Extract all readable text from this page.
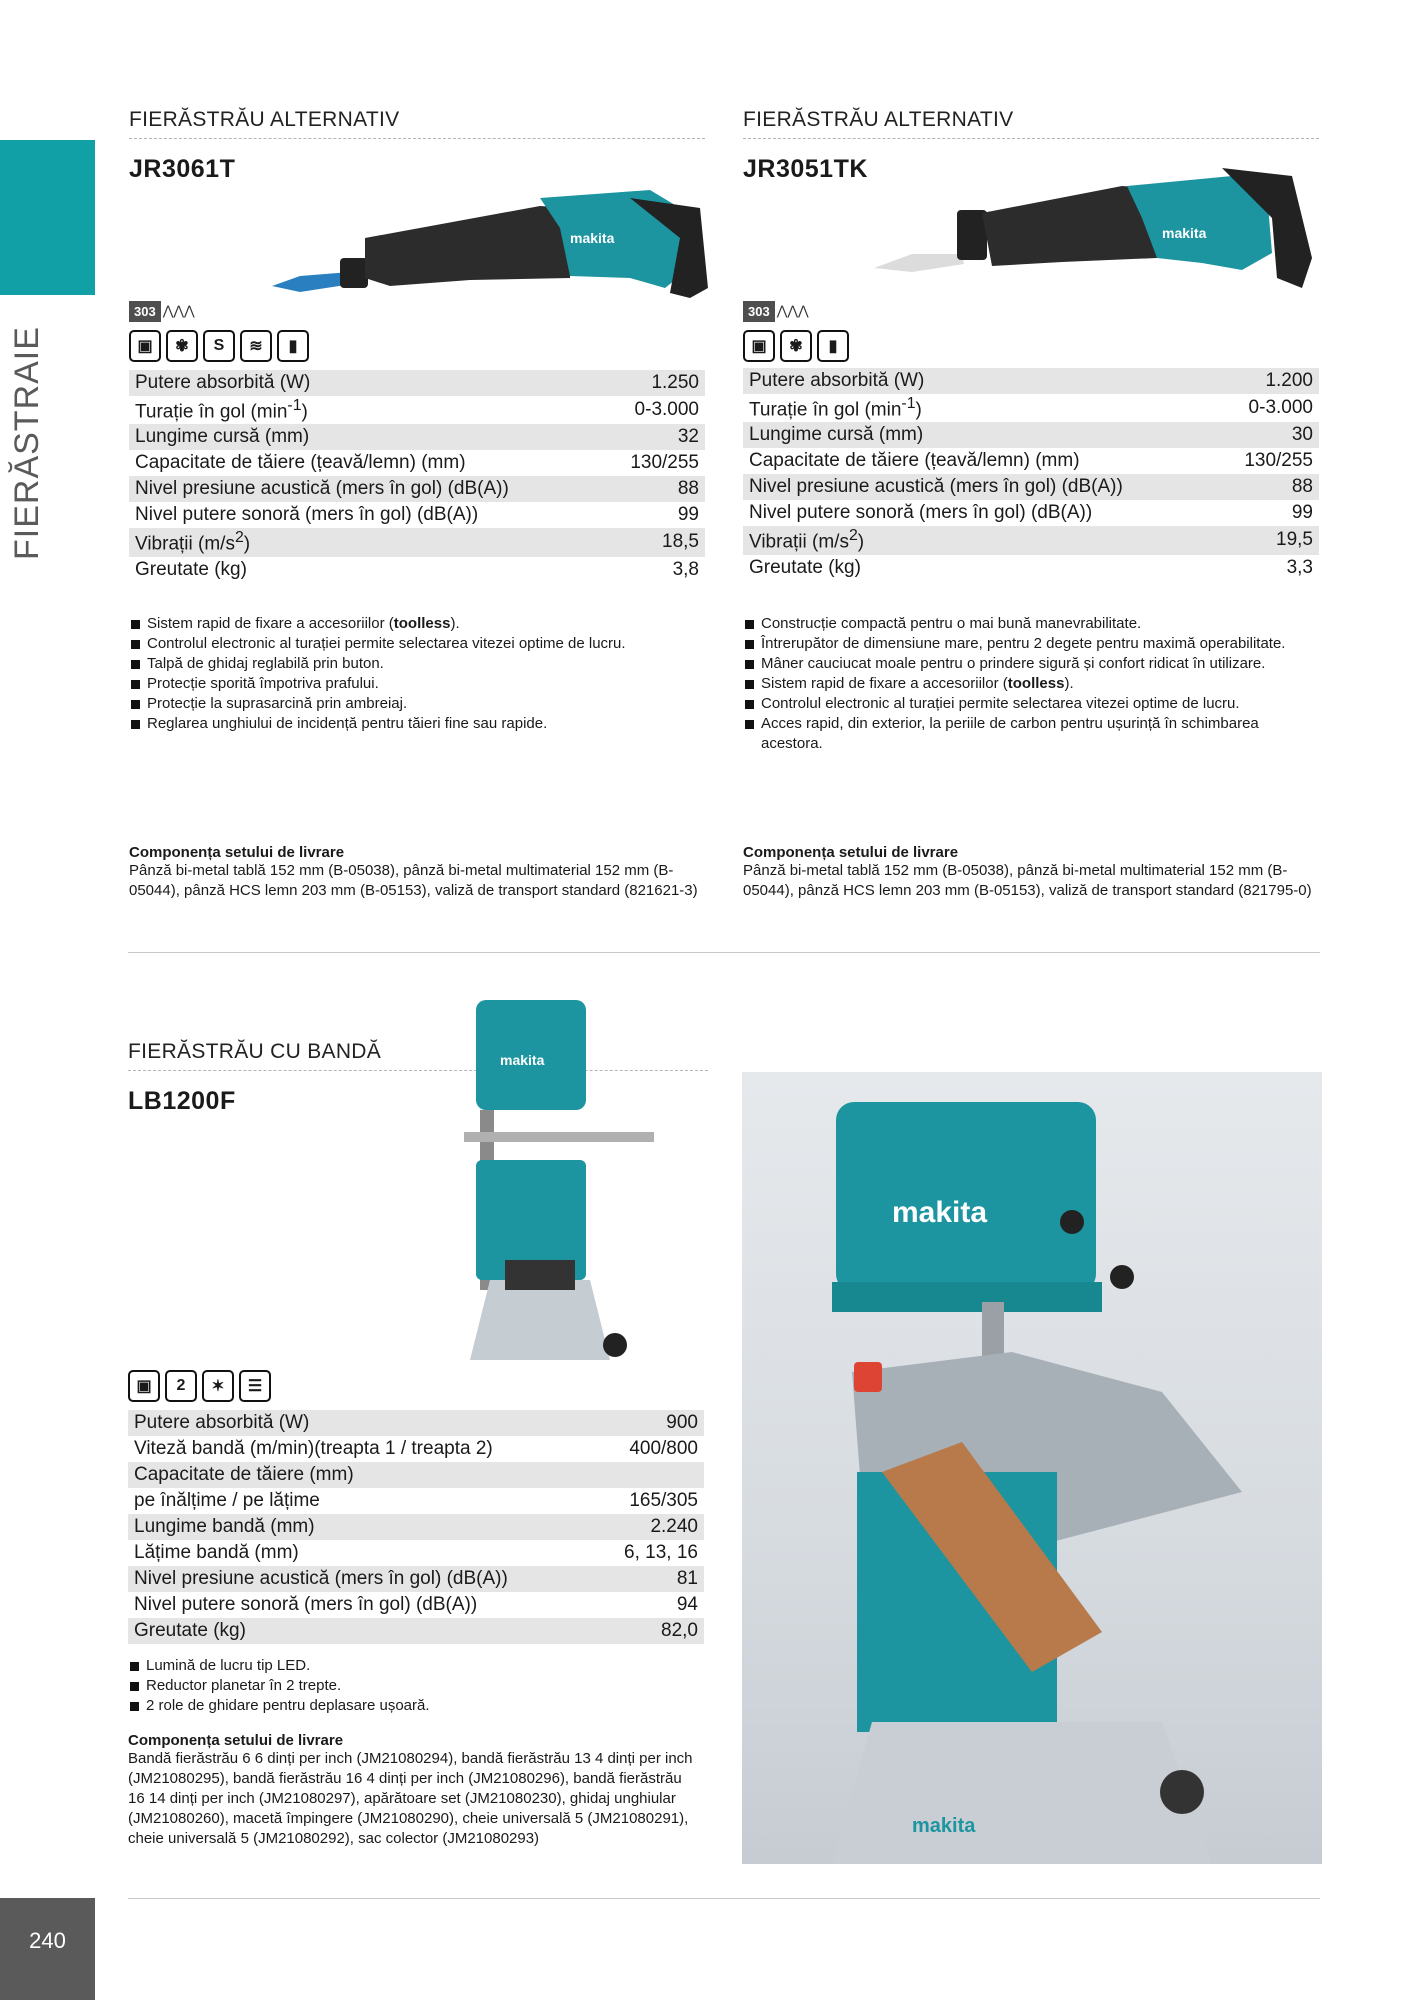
FIERĂSTRAIE
240
FIERĂSTRĂU ALTERNATIV
JR3061T
makita
303 ⋀⋀⋀
▣	✾	S	≋	▮
Putere absorbită (W)	1.250
Turație în gol $(\min^{-1})$	0-3.000
Lungime cursă (mm)	32
Capacitate de tăiere (țeavă/lemn) (mm)	130/255
Nivel presiune acustică (mers în gol) (dB(A))	88
Nivel putere sonoră (mers în gol) (dB(A))	99
Vibrații $(m/s^2)$	18,5
Greutate (kg)	3,8
Sistem rapid de fixare a accesoriilor (toolless).
Controlul electronic al turației permite selectarea vitezei optime de lucru.
Talpă de ghidaj reglabilă prin buton.
Protecție sporită împotriva prafului.
Protecție la suprasarcină prin ambreiaj.
Reglarea unghiului de incidență pentru tăieri fine sau rapide.
Componența setului de livrare
Pânză bi-metal tablă 152 mm (B-05038), pânză bi-metal multimaterial 152 mm (B-05044), pânză HCS lemn 203 mm (B-05153), valiză de transport standard (821621-3)
FIERĂSTRĂU ALTERNATIV
JR3051TK
makita
303 ⋀⋀⋀
▣	✾	▮
Putere absorbită (W)	1.200
Turație în gol $(\min^{-1})$	0-3.000
Lungime cursă (mm)	30
Capacitate de tăiere (țeavă/lemn) (mm)	130/255
Nivel presiune acustică (mers în gol) (dB(A))	88
Nivel putere sonoră (mers în gol) (dB(A))	99
Vibrații $(m/s^2)$	19,5
Greutate (kg)	3,3
Construcție compactă pentru o mai bună manevrabilitate.
Întrerupător de dimensiune mare, pentru 2 degete pentru maximă operabilitate.
Mâner cauciucat moale pentru o prindere sigură și confort ridicat în utilizare.
Sistem rapid de fixare a accesoriilor (toolless).
Controlul electronic al turației permite selectarea vitezei optime de lucru.
Acces rapid, din exterior, la periile de carbon pentru ușurință în schimbarea acestora.
Componența setului de livrare
Pânză bi-metal tablă 152 mm (B-05038), pânză bi-metal multimaterial 152 mm (B-05044), pânză HCS lemn 203 mm (B-05153), valiză de transport standard (821795-0)
FIERĂSTRĂU CU BANDĂ
LB1200F
makita
▣	2	✶	☰
Putere absorbită (W)	900
Viteză bandă (m/min)(treapta 1 / treapta 2)	400/800
Capacitate de tăiere (mm)	
pe înălțime / pe lățime	165/305
Lungime bandă (mm)	2.240
Lățime bandă (mm)	6, 13, 16
Nivel presiune acustică (mers în gol) (dB(A))	81
Nivel putere sonoră (mers în gol) (dB(A))	94
Greutate (kg)	82,0
Lumină de lucru tip LED.
Reductor planetar în 2 trepte.
2 role de ghidare pentru deplasare ușoară.
Componența setului de livrare
Bandă fierăstrău 6 6 dinți per inch (JM21080294), bandă fierăstrău 13 4 dinți per inch (JM21080295), bandă fierăstrău 16 4 dinți per inch (JM21080296), bandă fierăstrău 16 14 dinți per inch (JM21080297), apărătoare set (JM21080230), ghidaj unghiular (JM21080260), macetă împingere (JM21080290), cheie universală 5 (JM21080291), cheie universală 5 (JM21080292), sac colector (JM21080293)
makita
makita
